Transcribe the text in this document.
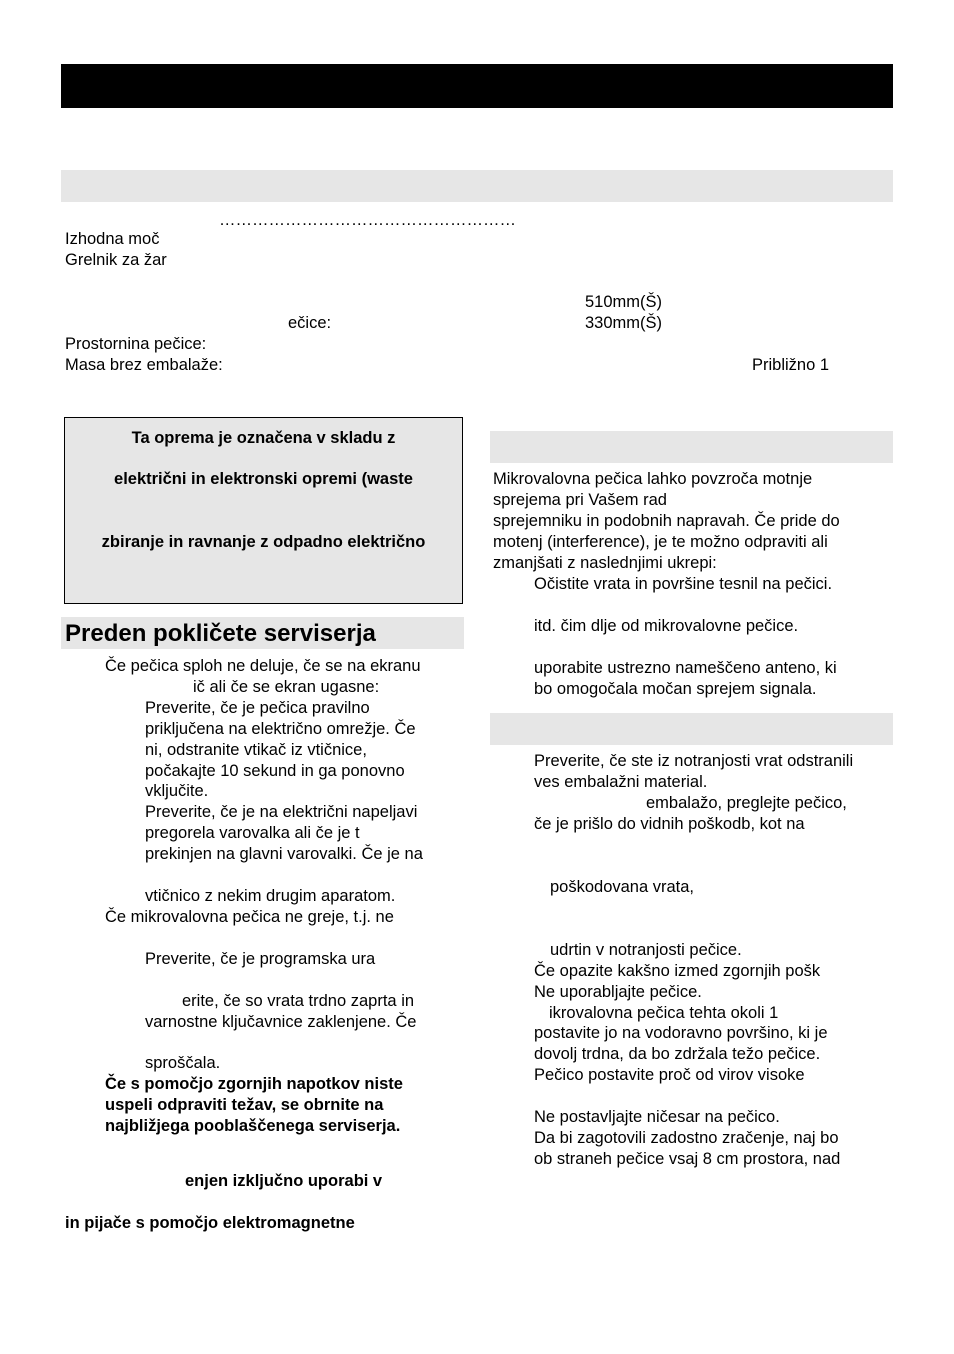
………………………………………………
Izhodna moč
Grelnik za žar
510mm(Š)
ečice:	330mm(Š)
Prostornina pečice:
Masa brez embalaže:	Približno 1
Ta oprema je označena v skladu z
električni in elektronski opremi (waste
zbiranje in ravnanje z odpadno električno
Preden pokličete serviserja
Če pečica sploh ne deluje, če se na ekranu
ič ali če se ekran ugasne:
Preverite, če je pečica pravilno
priključena na električno omrežje. Če
ni, odstranite vtikač iz vtičnice,
počakajte 10 sekund in ga ponovno
vključite.
Preverite, če je na električni napeljavi
pregorela varovalka ali če je t
prekinjen na glavni varovalki. Če je na
vtičnico z nekim drugim aparatom.
Če mikrovalovna pečica ne greje, t.j. ne
Preverite, če je programska ura
erite, če so vrata trdno zaprta in
varnostne ključavnice zaklenjene. Če
sproščala.
Če s pomočjo zgornjih napotkov niste
uspeli odpraviti težav, se obrnite na
najbližjega pooblaščenega serviserja.
enjen izključno uporabi v
in pijače s pomočjo elektromagnetne
Mikrovalovna pečica lahko povzroča motnje
sprejema pri Vašem rad
sprejemniku in podobnih napravah. Če pride do
motenj (interference), je te možno odpraviti ali
zmanjšati z naslednjimi ukrepi:
Očistite vrata in površine tesnil na pečici.
itd. čim dlje od mikrovalovne pečice.
uporabite ustrezno nameščeno anteno, ki
bo omogočala močan sprejem signala.
Preverite, če ste iz notranjosti vrat odstranili
ves embalažni material.
embalažo, preglejte pečico,
če je prišlo do vidnih poškodb, kot na
poškodovana vrata,
udrtin v notranjosti pečice.
Če opazite kakšno izmed zgornjih pošk
Ne uporabljajte pečice.
ikrovalovna pečica tehta okoli 1
postavite jo na vodoravno površino, ki je
dovolj trdna, da bo zdržala težo pečice.
Pečico postavite proč od virov visoke
Ne postavljajte ničesar na pečico.
Da bi zagotovili zadostno zračenje, naj bo
ob straneh pečice vsaj 8 cm prostora, nad
